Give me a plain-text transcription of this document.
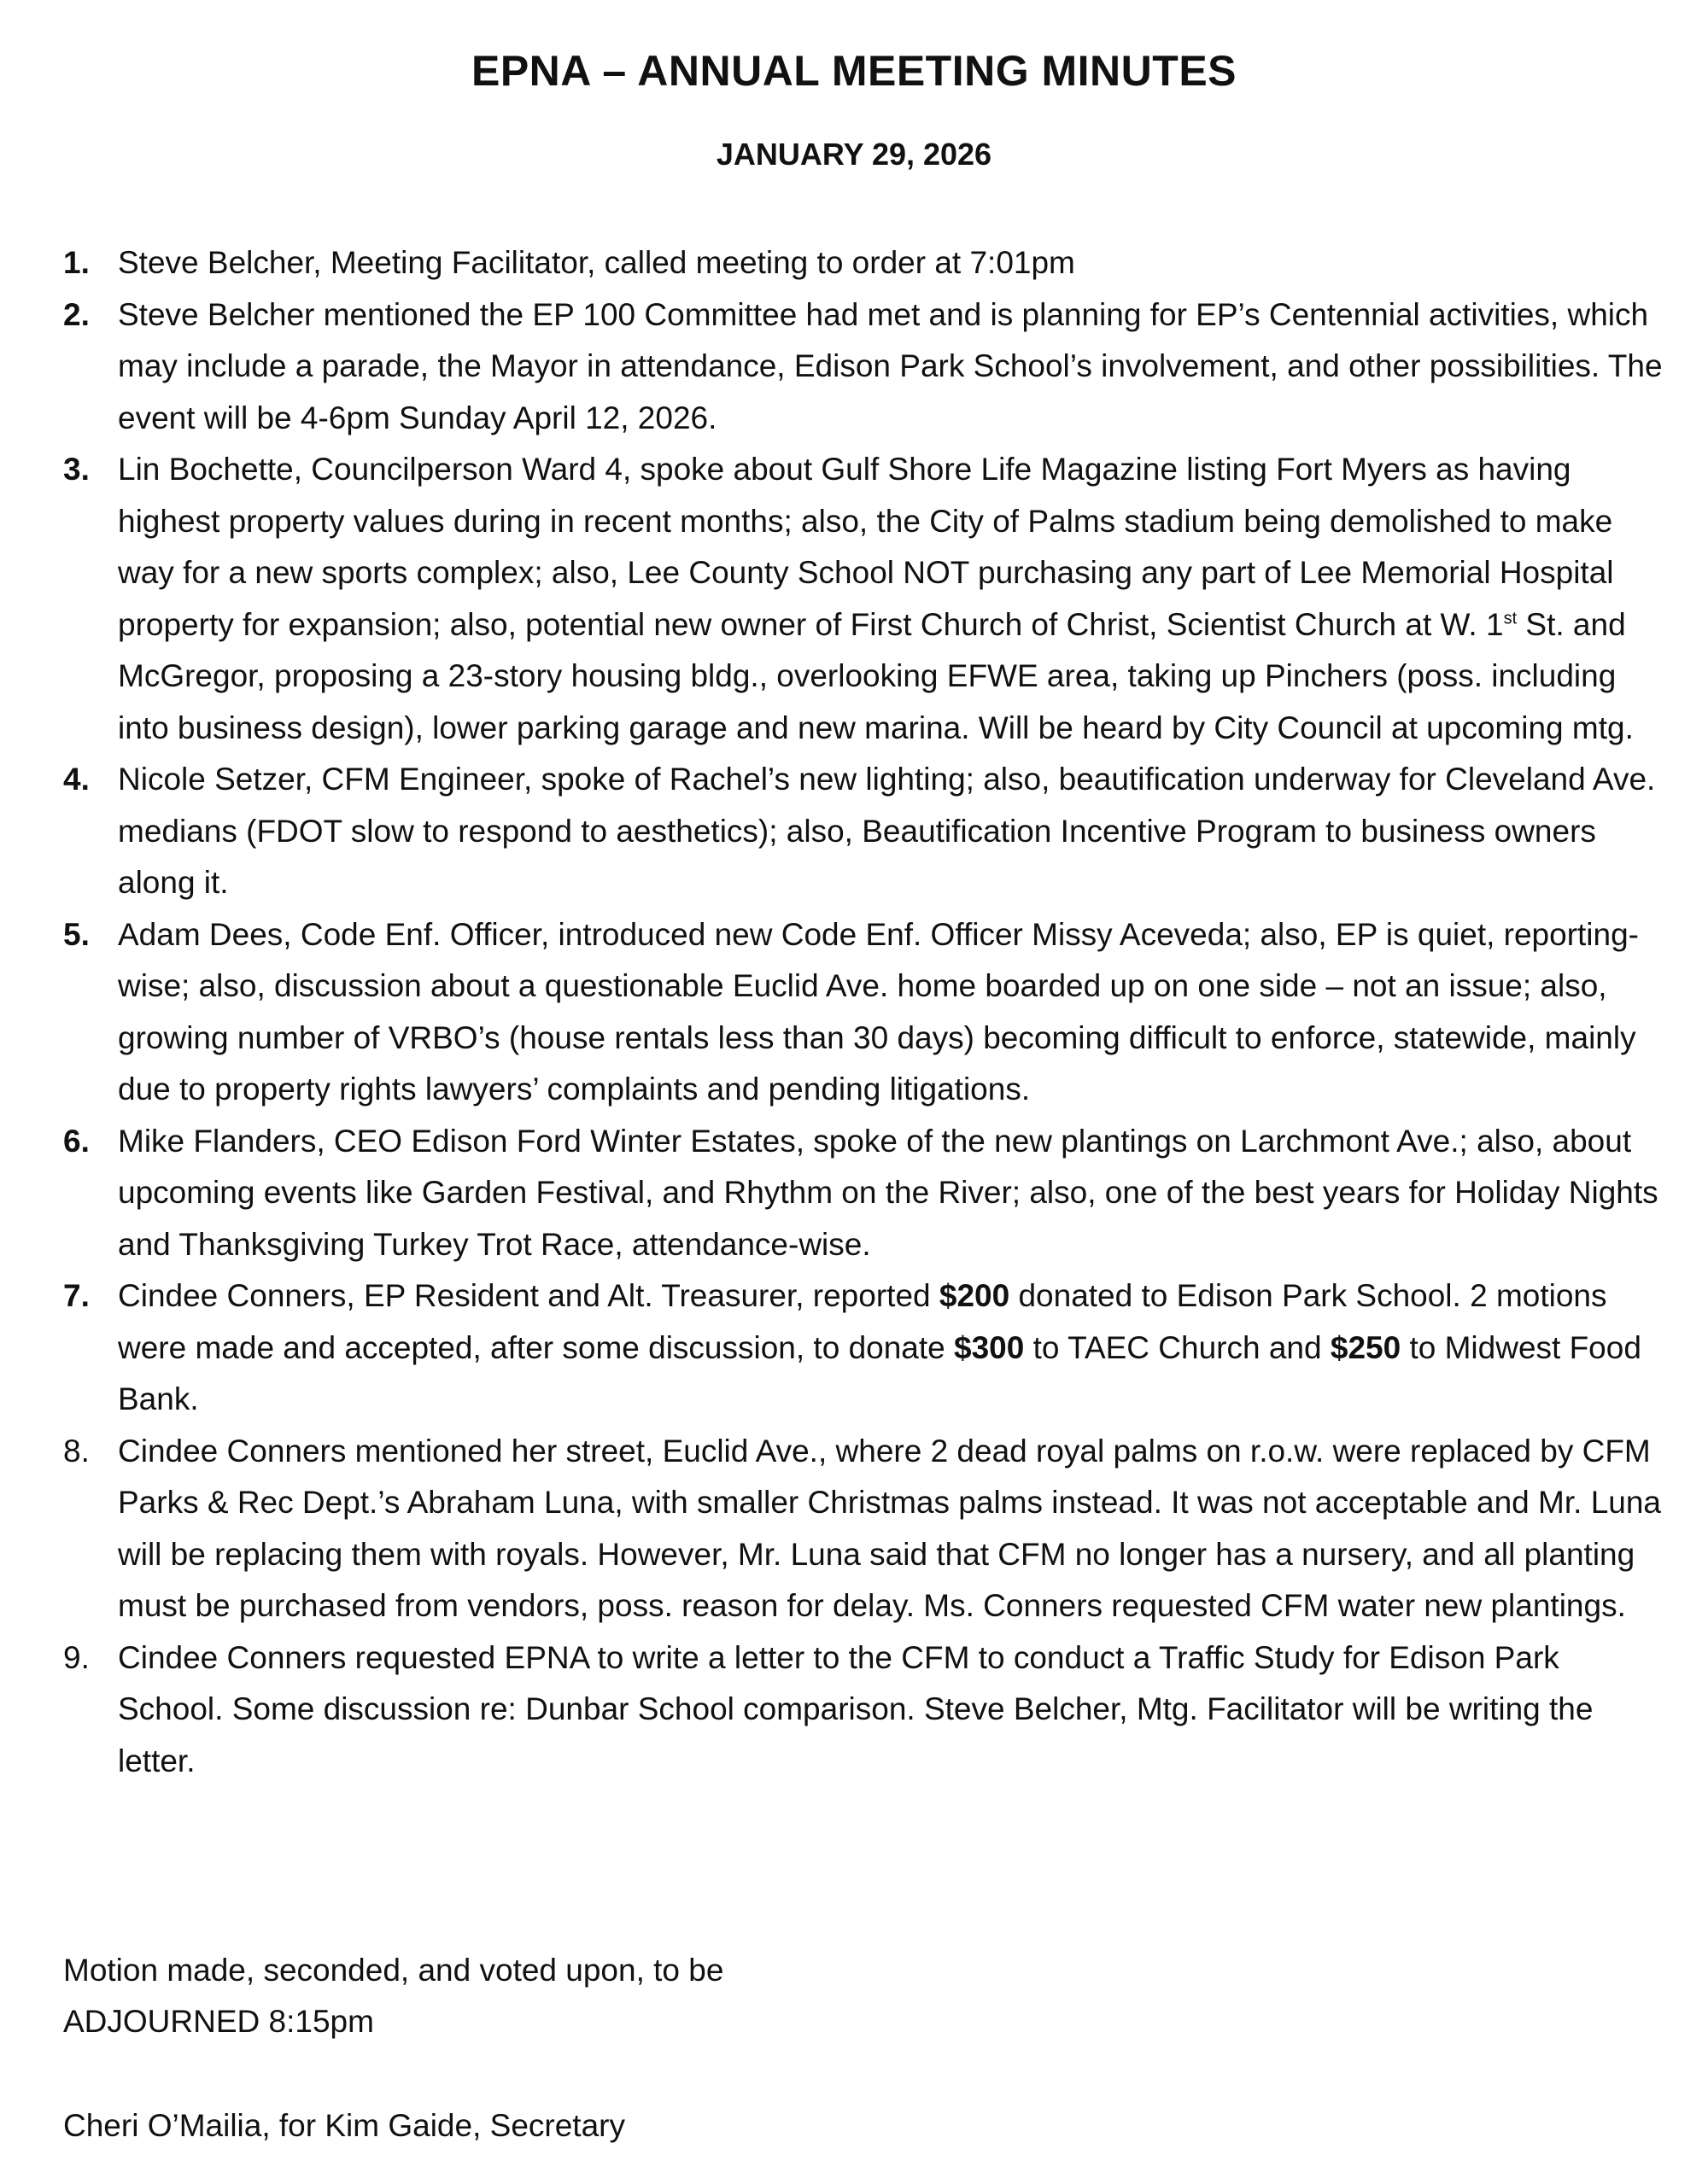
EPNA – ANNUAL MEETING MINUTES
JANUARY 29, 2026
1. Steve Belcher, Meeting Facilitator, called meeting to order at 7:01pm
2. Steve Belcher mentioned the EP 100 Committee had met and is planning for EP’s Centennial activities, which may include a parade, the Mayor in attendance, Edison Park School’s involvement, and other possibilities. The event will be 4-6pm Sunday April 12, 2026.
3. Lin Bochette, Councilperson Ward 4, spoke about Gulf Shore Life Magazine listing Fort Myers as having highest property values during in recent months; also, the City of Palms stadium being demolished to make way for a new sports complex; also, Lee County School NOT purchasing any part of Lee Memorial Hospital property for expansion; also, potential new owner of First Church of Christ, Scientist Church at W. 1st St. and McGregor, proposing a 23-story housing bldg., overlooking EFWE area, taking up Pinchers (poss. including into business design), lower parking garage and new marina. Will be heard by City Council at upcoming mtg.
4. Nicole Setzer, CFM Engineer, spoke of Rachel’s new lighting; also, beautification underway for Cleveland Ave. medians (FDOT slow to respond to aesthetics); also, Beautification Incentive Program to business owners along it.
5. Adam Dees, Code Enf. Officer, introduced new Code Enf. Officer Missy Aceveda; also, EP is quiet, reporting-wise; also, discussion about a questionable Euclid Ave. home boarded up on one side – not an issue; also, growing number of VRBO’s (house rentals less than 30 days) becoming difficult to enforce, statewide, mainly due to property rights lawyers’ complaints and pending litigations.
6. Mike Flanders, CEO Edison Ford Winter Estates, spoke of the new plantings on Larchmont Ave.; also, about upcoming events like Garden Festival, and Rhythm on the River; also, one of the best years for Holiday Nights and Thanksgiving Turkey Trot Race, attendance-wise.
7. Cindee Conners, EP Resident and Alt. Treasurer, reported $200 donated to Edison Park School. 2 motions were made and accepted, after some discussion, to donate $300 to TAEC Church and $250 to Midwest Food Bank.
8. Cindee Conners mentioned her street, Euclid Ave., where 2 dead royal palms on r.o.w. were replaced by CFM Parks & Rec Dept.’s Abraham Luna, with smaller Christmas palms instead. It was not acceptable and Mr. Luna will be replacing them with royals. However, Mr. Luna said that CFM no longer has a nursery, and all planting must be purchased from vendors, poss. reason for delay. Ms. Conners requested CFM water new plantings.
9. Cindee Conners requested EPNA to write a letter to the CFM to conduct a Traffic Study for Edison Park School. Some discussion re: Dunbar School comparison. Steve Belcher, Mtg. Facilitator will be writing the letter.
Motion made, seconded, and voted upon, to be
ADJOURNED 8:15pm
Cheri O’Mailia, for Kim Gaide, Secretary
